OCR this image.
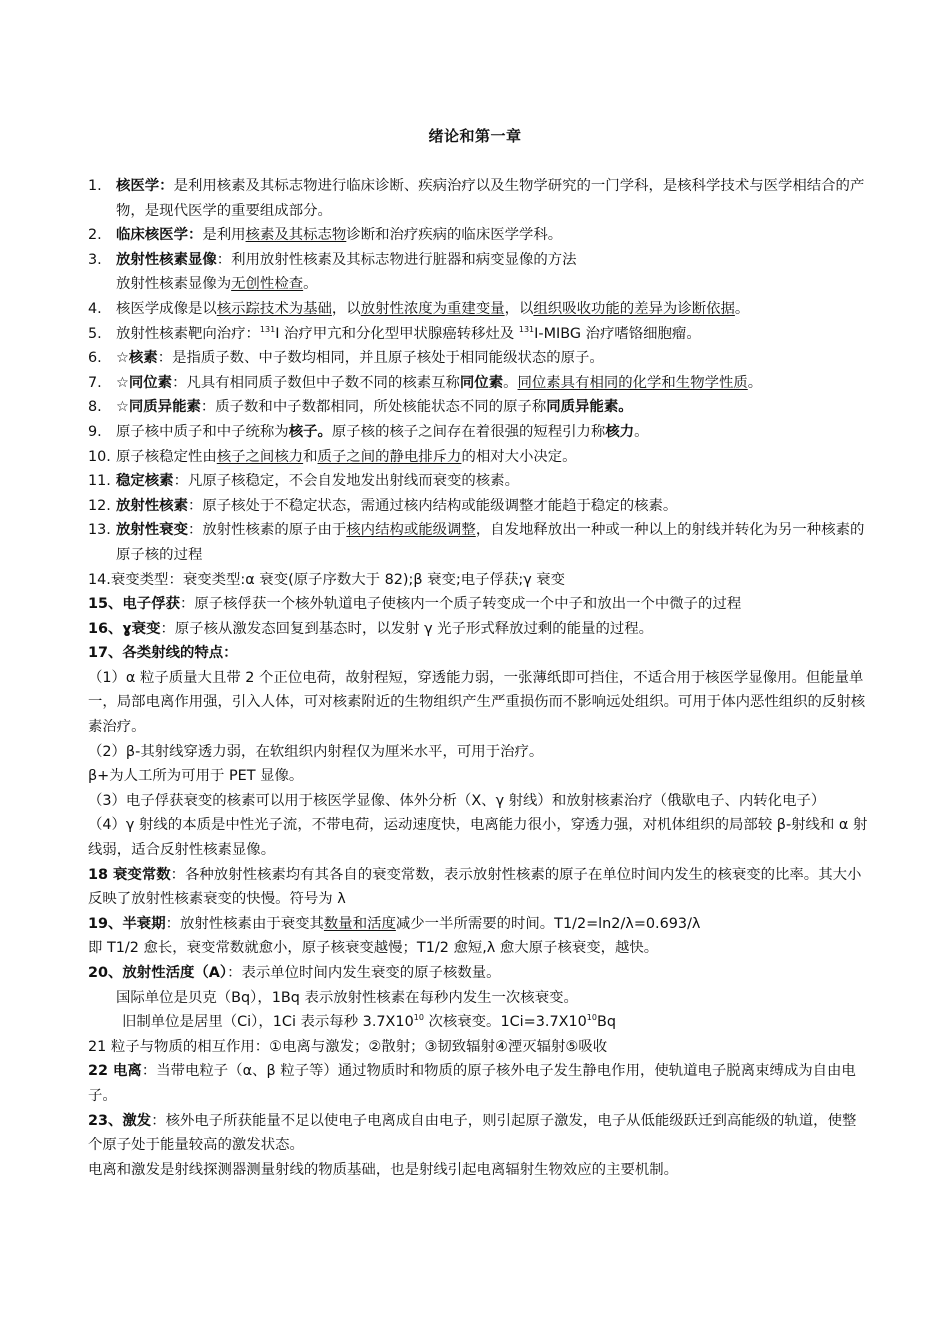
绪论和第一章

1. 核医学：是利用核素及其标志物进行临床诊断、疾病治疗以及生物学研究的一门学科，是核科学技术与医学相结合的产物，是现代医学的重要组成部分。

2. 临床核医学：是利用核素及其标志物诊断和治疗疾病的临床医学学科。

3. 放射性核素显像：利用放射性核素及其标志物进行脏器和病变显像的方法

放射性核素显像为无创性检查。

4. 核医学成像是以核示踪技术为基础，以放射性浓度为重建变量，以组织吸收功能的差异为诊断依据。

5. 放射性核素靶向治疗：$^{131}$I 治疗甲亢和分化型甲状腺癌转移灶及 $^{131}$I-MIBG 治疗嗜铬细胞瘤。

6. ☆核素：是指质子数、中子数均相同，并且原子核处于相同能级状态的原子。

7. ☆同位素：凡具有相同质子数但中子数不同的核素互称同位素。同位素具有相同的化学和生物学性质。

8. ☆同质异能素：质子数和中子数都相同，所处核能状态不同的原子称同质异能素。

9. 原子核中质子和中子统称为核子。原子核的核子之间存在着很强的短程引力称核力。

10. 原子核稳定性由核子之间核力和质子之间的静电排斥力的相对大小决定。

11. 稳定核素：凡原子核稳定，不会自发地发出射线而衰变的核素。

12. 放射性核素：原子核处于不稳定状态，需通过核内结构或能级调整才能趋于稳定的核素。

13. 放射性衰变：放射性核素的原子由于核内结构或能级调整，自发地释放出一种或一种以上的射线并转化为另一种核素的原子核的过程

14.衰变类型：衰变类型:α 衰变(原子序数大于 82);β 衰变;电子俘获;γ 衰变

15、电子俘获：原子核俘获一个核外轨道电子使核内一个质子转变成一个中子和放出一个中微子的过程

16、ɣ衰变：原子核从激发态回复到基态时，以发射 γ 光子形式释放过剩的能量的过程。

17、各类射线的特点：

（1）α 粒子质量大且带 2 个正位电荷，故射程短，穿透能力弱，一张薄纸即可挡住，不适合用于核医学显像用。但能量单一，局部电离作用强，引入人体，可对核素附近的生物组织产生严重损伤而不影响远处组织。可用于体内恶性组织的反射核素治疗。

（2）β-其射线穿透力弱，在软组织内射程仅为厘米水平，可用于治疗。

β+为人工所为可用于 PET 显像。

（3）电子俘获衰变的核素可以用于核医学显像、体外分析（X、γ 射线）和放射核素治疗（俄歇电子、内转化电子）

（4）γ 射线的本质是中性光子流，不带电荷，运动速度快，电离能力很小，穿透力强，对机体组织的局部较 β-射线和 α 射线弱，适合反射性核素显像。

18 衰变常数：各种放射性核素均有其各自的衰变常数，表示放射性核素的原子在单位时间内发生的核衰变的比率。其大小反映了放射性核素衰变的快慢。符号为 λ

19、半衰期：放射性核素由于衰变其数量和活度减少一半所需要的时间。T1/2=ln2/λ=0.693/λ

即 T1/2 愈长，衰变常数就愈小，原子核衰变越慢；T1/2 愈短,λ 愈大原子核衰变，越快。

20、放射性活度（A）：表示单位时间内发生衰变的原子核数量。

国际单位是贝克（Bq），1Bq 表示放射性核素在每秒内发生一次核衰变。

旧制单位是居里（Ci），1Ci 表示每秒 $3.7X10^{10}$ 次核衰变。$1Ci=3.7X10^{10}Bq$

21 粒子与物质的相互作用：①电离与激发；②散射；③韧致辐射④湮灭辐射⑤吸收

22 电离：当带电粒子（α、β 粒子等）通过物质时和物质的原子核外电子发生静电作用，使轨道电子脱离束缚成为自由电子。

23、激发：核外电子所获能量不足以使电子电离成自由电子，则引起原子激发，电子从低能级跃迁到高能级的轨道，使整个原子处于能量较高的激发状态。

电离和激发是射线探测器测量射线的物质基础，也是射线引起电离辐射生物效应的主要机制。
